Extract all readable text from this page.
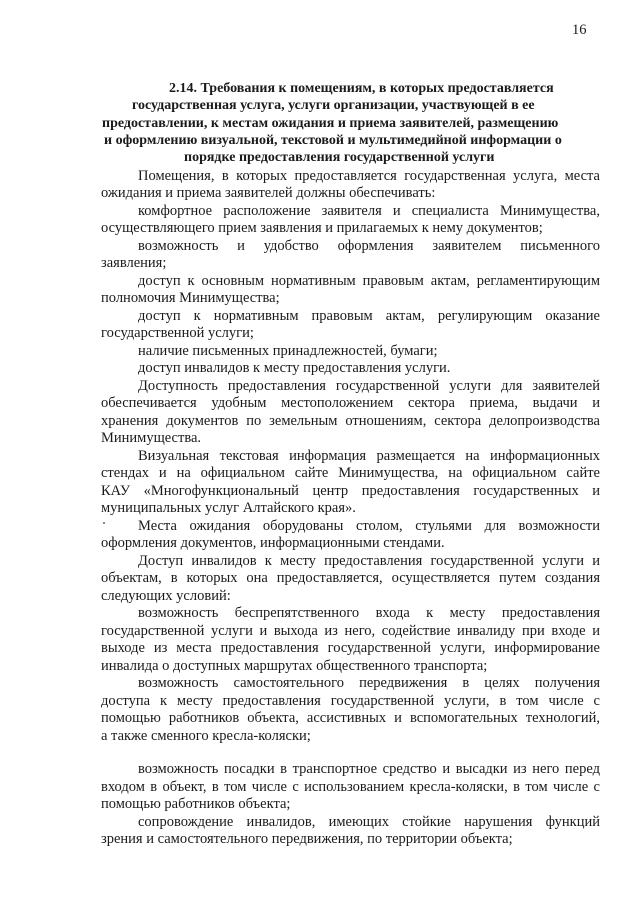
16
2.14. Требования к помещениям, в которых предоставляется
государственная услуга, услуги организации, участвующей в ее
предоставлении, к местам ожидания и приема заявителей, размещению
и оформлению визуальной, текстовой и мультимедийной информации о
порядке предоставления государственной услуги
Помещения, в которых предоставляется государственная услуга, места
ожидания и приема заявителей должны обеспечивать:
комфортное расположение заявителя и специалиста Минимущества,
осуществляющего прием заявления и прилагаемых к нему документов;
возможность и удобство оформления заявителем письменного
заявления;
доступ к основным нормативным правовым актам, регламентирующим
полномочия Минимущества;
доступ к нормативным правовым актам, регулирующим оказание
государственной услуги;
наличие письменных принадлежностей, бумаги;
доступ инвалидов к месту предоставления услуги.
Доступность предоставления государственной услуги для заявителей
обеспечивается удобным местоположением сектора приема, выдачи и
хранения документов по земельным отношениям, сектора делопроизводства
Минимущества.
Визуальная текстовая информация размещается на информационных
стендах и на официальном сайте Минимущества, на официальном сайте
КАУ «Многофункциональный центр предоставления государственных и
муниципальных услуг Алтайского края».
Места ожидания оборудованы столом, стульями для возможности
оформления документов, информационными стендами.
Доступ инвалидов к месту предоставления государственной услуги и
объектам, в которых она предоставляется, осуществляется путем создания
следующих условий:
возможность беспрепятственного входа к месту предоставления
государственной услуги и выхода из него, содействие инвалиду при входе и
выходе из места предоставления государственной услуги, информирование
инвалида о доступных маршрутах общественного транспорта;
возможность самостоятельного передвижения в целях получения
доступа к месту предоставления государственной услуги, в том числе с
помощью работников объекта, ассистивных и вспомогательных технологий,
а также сменного кресла-коляски;
возможность посадки в транспортное средство и высадки из него перед
входом в объект, в том числе с использованием кресла-коляски, в том числе с
помощью работников объекта;
сопровождение инвалидов, имеющих стойкие нарушения функций
зрения и самостоятельного передвижения, по территории объекта;
